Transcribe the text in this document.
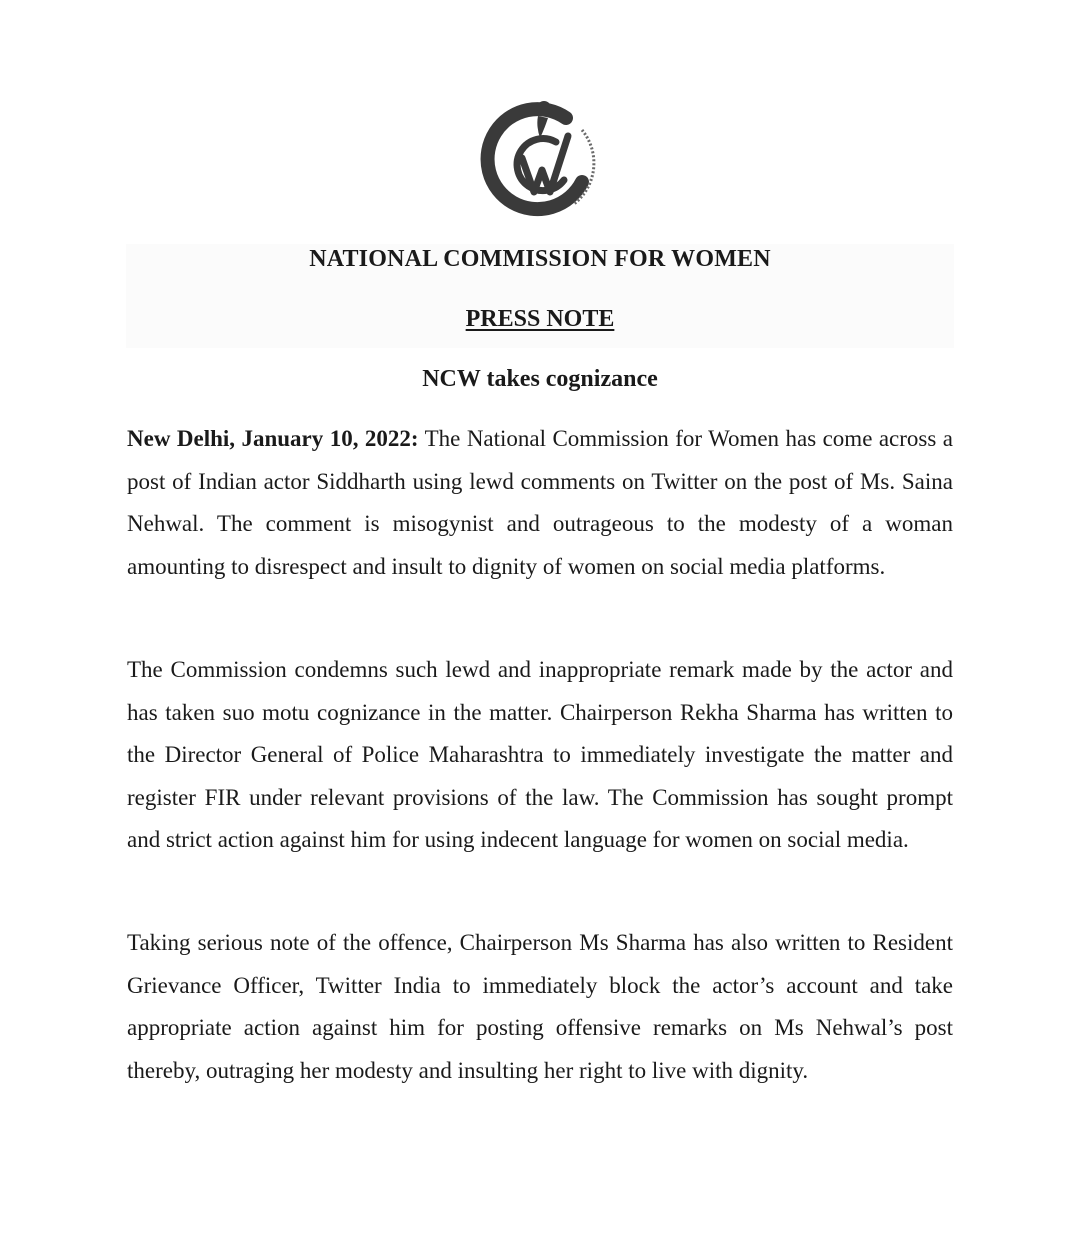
NATIONAL COMMISSION FOR WOMEN
PRESS NOTE
NCW takes cognizance

New Delhi, January 10, 2022: The National Commission for Women has come across a post of Indian actor Siddharth using lewd comments on Twitter on the post of Ms. Saina Nehwal. The comment is misogynist and outrageous to the modesty of a woman amounting to disrespect and insult to dignity of women on social media platforms.

The Commission condemns such lewd and inappropriate remark made by the actor and has taken suo motu cognizance in the matter. Chairperson Rekha Sharma has written to the Director General of Police Maharashtra to immediately investigate the matter and register FIR under relevant provisions of the law. The Commission has sought prompt and strict action against him for using indecent language for women on social media.

Taking serious note of the offence, Chairperson Ms Sharma has also written to Resident Grievance Officer, Twitter India to immediately block the actor’s account and take appropriate action against him for posting offensive remarks on Ms Nehwal’s post thereby, outraging her modesty and insulting her right to live with dignity.
